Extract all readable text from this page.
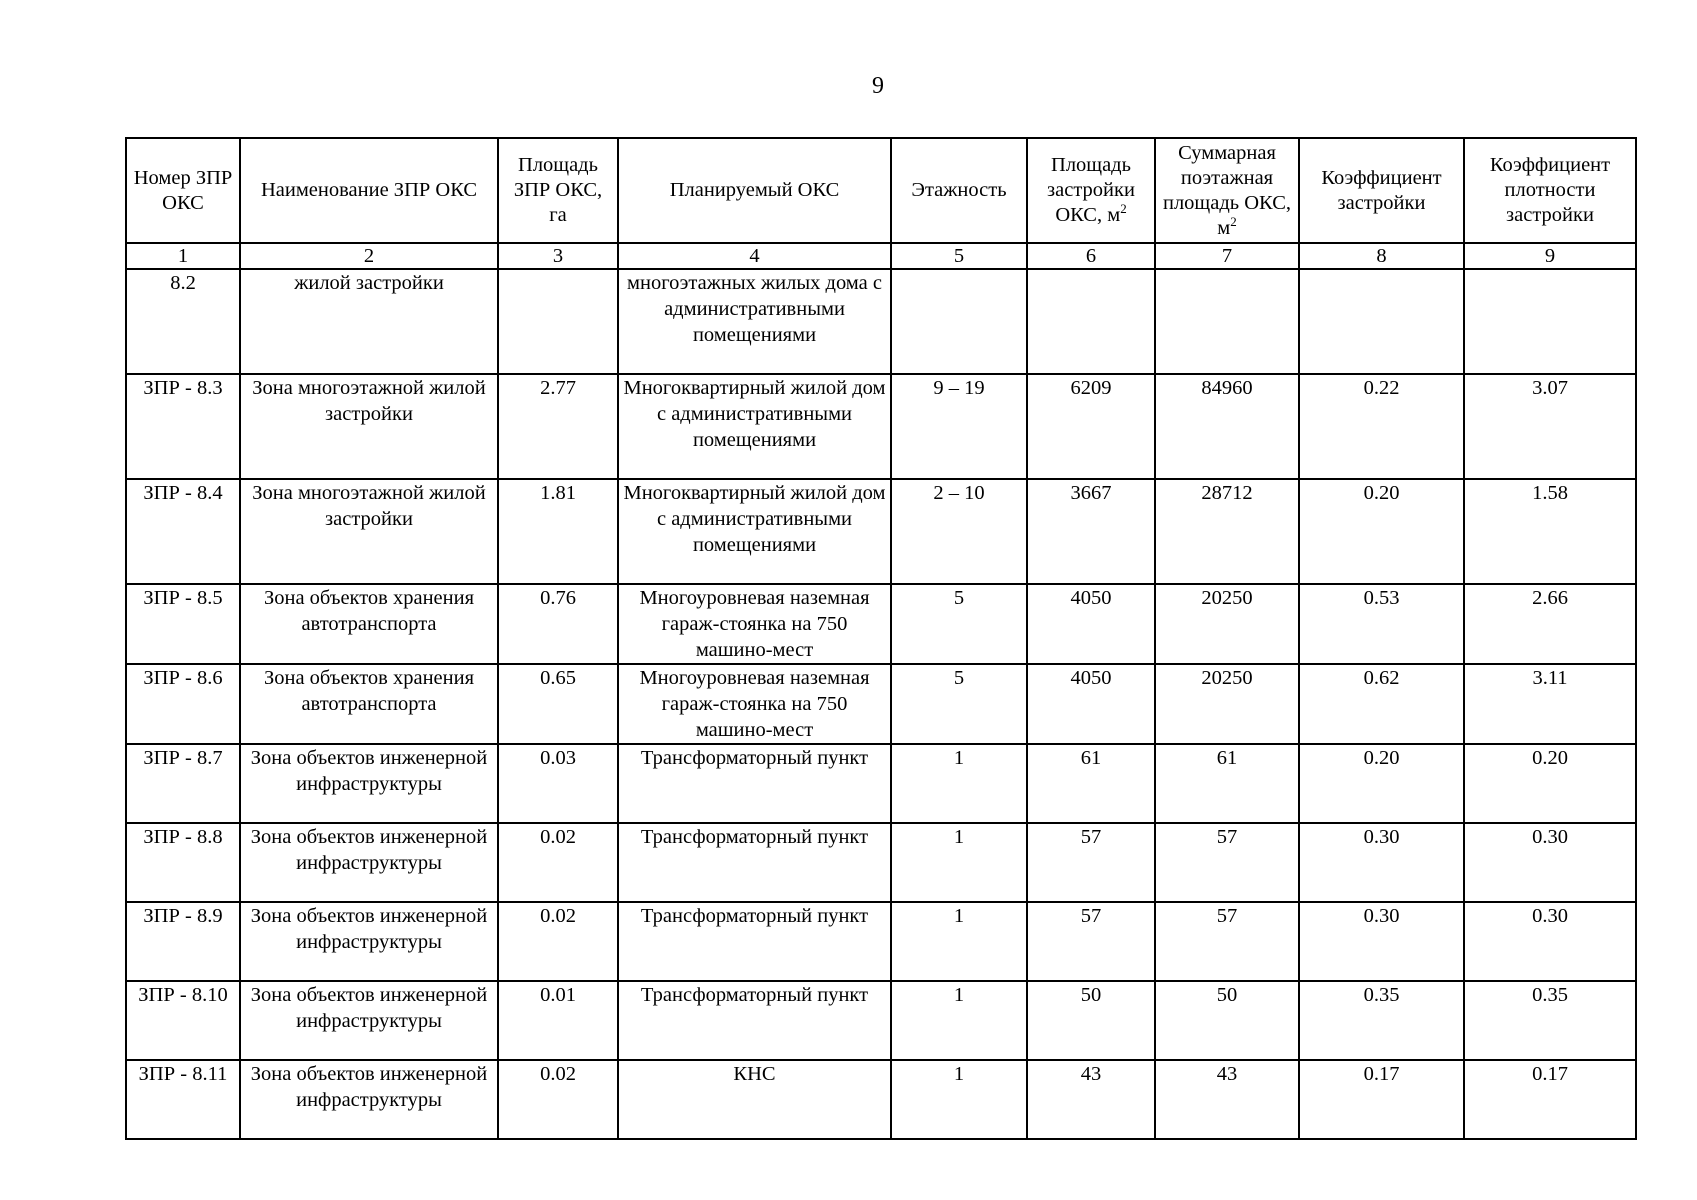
9
Номер ЗПР ОКС	Наименование ЗПР ОКС	Площадь ЗПР ОКС, га	Планируемый ОКС	Этажность	Площадь застройки ОКС, $м^2$	Суммарная поэтажная площадь ОКС, $м^2$	Коэффициент застройки	Коэффициент плотности застройки
1	2	3	4	5	6	7	8	9
8.2	жилой застройки		многоэтажных жилых дома с административными помещениями					
ЗПР - 8.3	Зона многоэтажной жилой застройки	2.77	Многоквартирный жилой дом с административными помещениями	9 – 19	6209	84960	0.22	3.07
ЗПР - 8.4	Зона многоэтажной жилой застройки	1.81	Многоквартирный жилой дом с административными помещениями	2 – 10	3667	28712	0.20	1.58
ЗПР - 8.5	Зона объектов хранения автотранспорта	0.76	Многоуровневая наземная гараж-стоянка на 750 машино-мест	5	4050	20250	0.53	2.66
ЗПР - 8.6	Зона объектов хранения автотранспорта	0.65	Многоуровневая наземная гараж-стоянка на 750 машино-мест	5	4050	20250	0.62	3.11
ЗПР - 8.7	Зона объектов инженерной инфраструктуры	0.03	Трансформаторный пункт	1	61	61	0.20	0.20
ЗПР - 8.8	Зона объектов инженерной инфраструктуры	0.02	Трансформаторный пункт	1	57	57	0.30	0.30
ЗПР - 8.9	Зона объектов инженерной инфраструктуры	0.02	Трансформаторный пункт	1	57	57	0.30	0.30
ЗПР - 8.10	Зона объектов инженерной инфраструктуры	0.01	Трансформаторный пункт	1	50	50	0.35	0.35
ЗПР - 8.11	Зона объектов инженерной инфраструктуры	0.02	КНС	1	43	43	0.17	0.17
